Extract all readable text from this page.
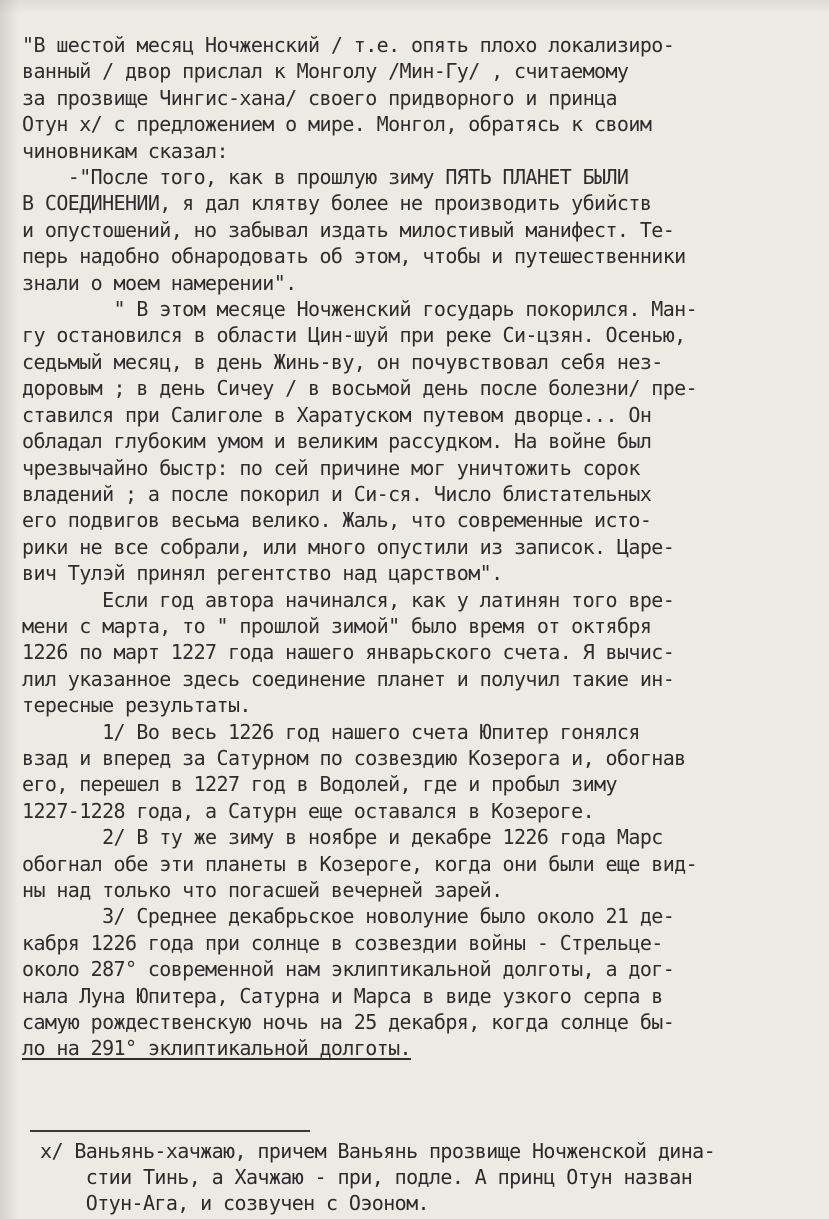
"В шестой месяц Ночженский / т.е. опять плохо локализиро-
ванный / двор прислал к Монголу /Мин-Гу/ , считаемому
за прозвище Чингис-хана/ своего придворного и принца
Отун x/ с предложением о мире. Монгол, обратясь к своим
чиновникам сказал:
-"После того, как в прошлую зиму ПЯТЬ ПЛАНЕТ БЫЛИ
В СОЕДИНЕНИИ, я дал клятву более не производить убийств
и опустошений, но забывал издать милостивый манифест. Те-
перь надобно обнародовать об этом, чтобы и путешественники
знали о моем намерении".
" В этом месяце Ночженский государь покорился. Ман-
гу остановился в области Цин-шуй при реке Си-цзян. Осенью,
седьмый месяц, в день Жинь-ву, он почувствовал себя нез-
доровым ; в день Сичеу / в восьмой день после болезни/ пре-
ставился при Салиголе в Харатуском путевом дворце... Он
обладал глубоким умом и великим рассудком. На войне был
чрезвычайно быстр: по сей причине мог уничтожить сорок
владений ; а после покорил и Си-ся. Число блистательных
его подвигов весьма велико. Жаль, что современные исто-
рики не все собрали, или много опустили из записок. Царе-
вич Тулэй принял регентство над царством".
Если год автора начинался, как у латинян того вре-
мени с марта, то " прошлой зимой" было время от октября
1226 по март 1227 года нашего январьского счета. Я вычис-
лил указанное здесь соединение планет и получил такие ин-
тересные результаты.
1/ Во весь 1226 год нашего счета Юпитер гонялся
взад и вперед за Сатурном по созвездию Козерога и, обогнав
его, перешел в 1227 год в Водолей, где и пробыл зиму
1227-1228 года, а Сатурн еще оставался в Козероге.
2/ В ту же зиму в ноябре и декабре 1226 года Марс
обогнал обе эти планеты в Козероге, когда они были еще вид-
ны над только что погасшей вечерней зарей.
3/ Среднее декабрьское новолуние было около 21 де-
кабря 1226 года при солнце в созвездии войны - Стрельце-
около 287° современной нам эклиптикальной долготы, а дог-
нала Луна Юпитера, Сатурна и Марса в виде узкого серпа в
самую рождественскую ночь на 25 декабря, когда солнце бы-
ло на 291° эклиптикальной долготы.
x/ Ваньянь-хачжаю, причем Ваньянь прозвище Ночженской дина-
стии Тинь, а Хачжаю - при, подле. А принц Отун назван
Отун-Ага, и созвучен с Оэоном.
